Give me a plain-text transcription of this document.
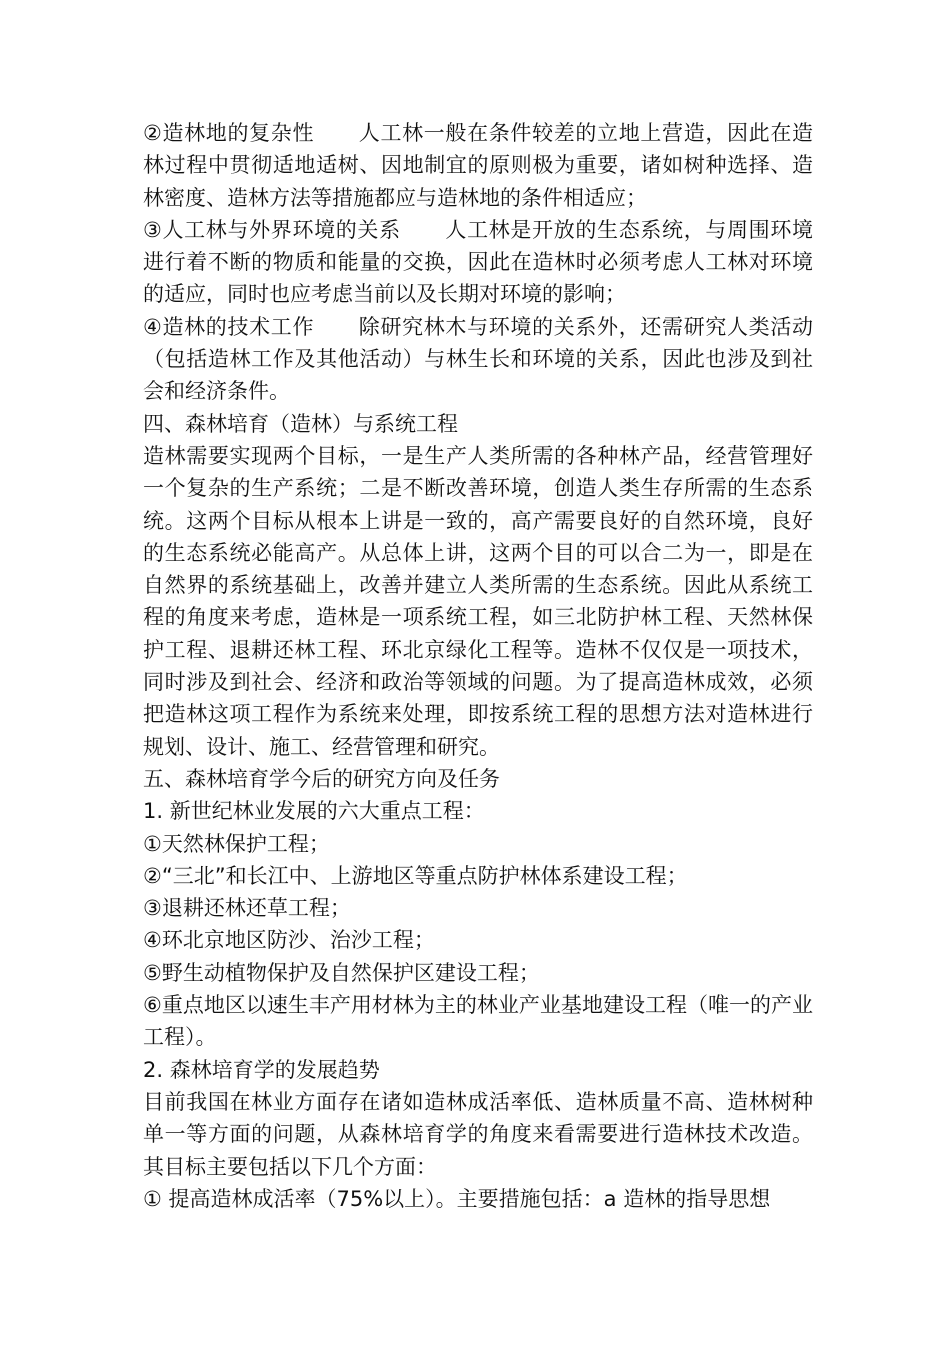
②造林地的复杂性 人工林一般在条件较差的立地上营造，因此在造林过程中贯彻适地适树、因地制宜的原则极为重要，诸如树种选择、造林密度、造林方法等措施都应与造林地的条件相适应；

③人工林与外界环境的关系 人工林是开放的生态系统，与周围环境进行着不断的物质和能量的交换，因此在造林时必须考虑人工林对环境的适应，同时也应考虑当前以及长期对环境的影响；

④造林的技术工作 除研究林木与环境的关系外，还需研究人类活动（包括造林工作及其他活动）与林生长和环境的关系，因此也涉及到社会和经济条件。

四、森林培育（造林）与系统工程

造林需要实现两个目标，一是生产人类所需的各种林产品，经营管理好一个复杂的生产系统；二是不断改善环境，创造人类生存所需的生态系统。这两个目标从根本上讲是一致的，高产需要良好的自然环境，良好的生态系统必能高产。从总体上讲，这两个目的可以合二为一，即是在自然界的系统基础上，改善并建立人类所需的生态系统。因此从系统工程的角度来考虑，造林是一项系统工程，如三北防护林工程、天然林保护工程、退耕还林工程、环北京绿化工程等。造林不仅仅是一项技术，同时涉及到社会、经济和政治等领域的问题。为了提高造林成效，必须把造林这项工程作为系统来处理，即按系统工程的思想方法对造林进行规划、设计、施工、经营管理和研究。

五、森林培育学今后的研究方向及任务

1. 新世纪林业发展的六大重点工程：

①天然林保护工程；

②“三北”和长江中、上游地区等重点防护林体系建设工程；

③退耕还林还草工程；

④环北京地区防沙、治沙工程；

⑤野生动植物保护及自然保护区建设工程；

⑥重点地区以速生丰产用材林为主的林业产业基地建设工程（唯一的产业工程）。

2. 森林培育学的发展趋势

目前我国在林业方面存在诸如造林成活率低、造林质量不高、造林树种单一等方面的问题，从森林培育学的角度来看需要进行造林技术改造。其目标主要包括以下几个方面：

① 提高造林成活率（75%以上）。主要措施包括：a 造林的指导思想
